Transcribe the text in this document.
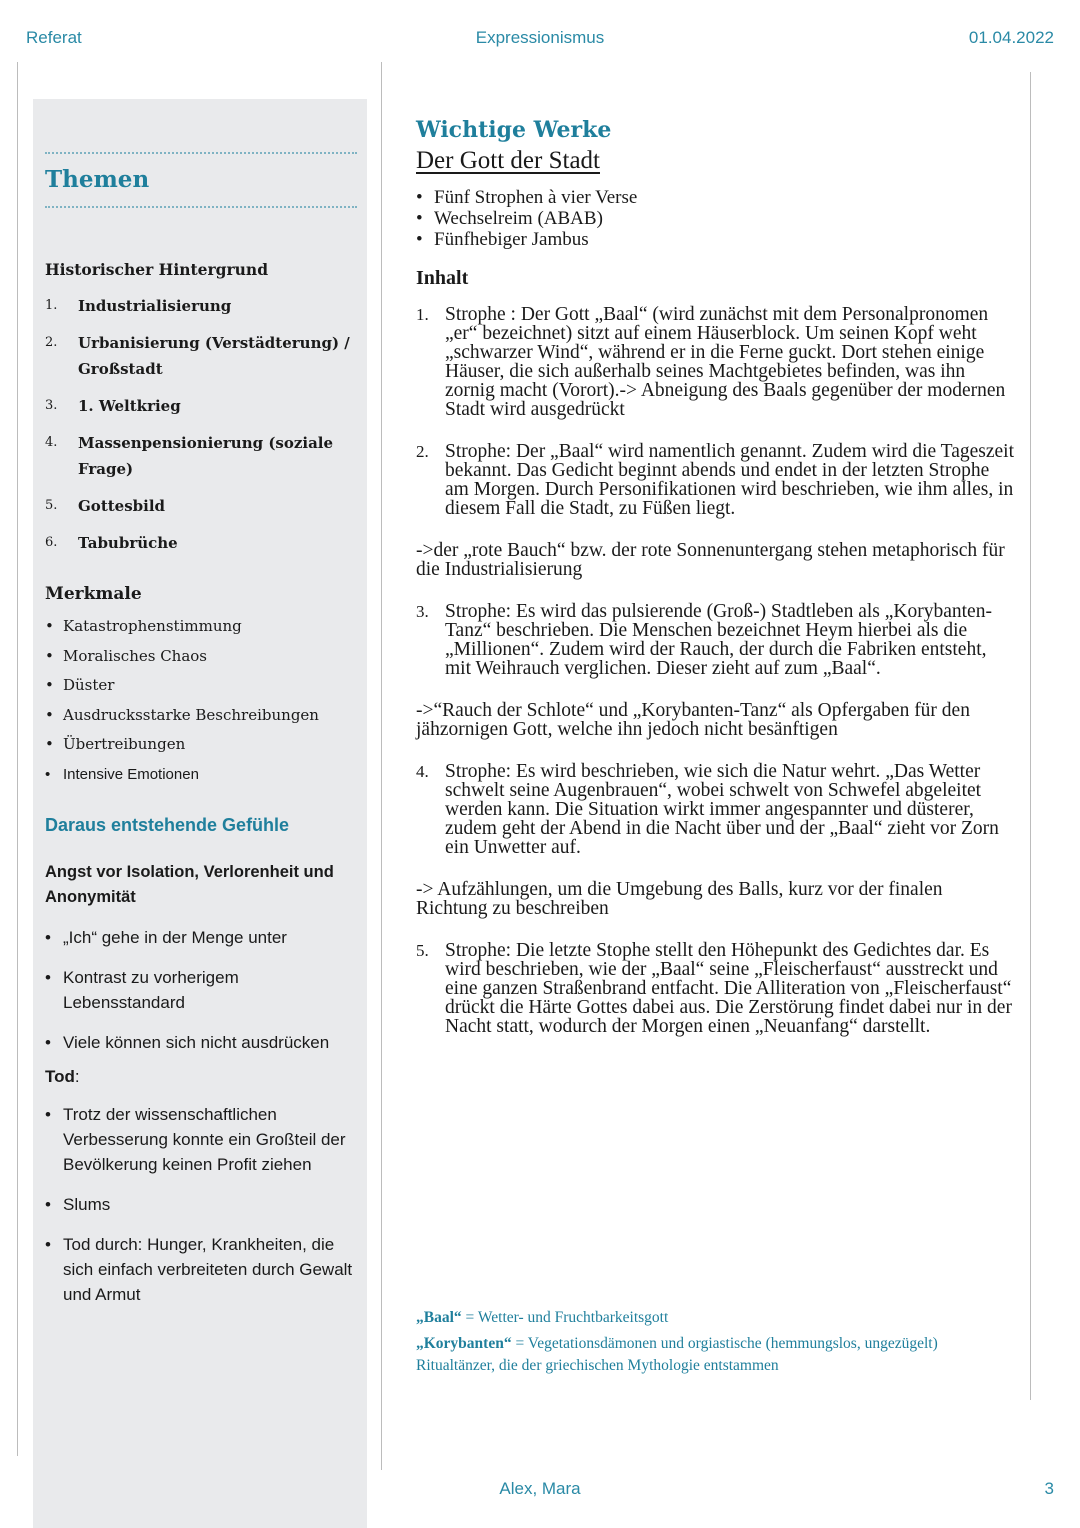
Referat	Expressionismus	01.04.2022
Themen
Historischer Hintergrund
1.	Industrialisierung
2.	Urbanisierung (Verstädterung) / Großstadt
3.	1. Weltkrieg
4.	Massenpensionierung (soziale Frage)
5.	Gottesbild
6.	Tabubrüche
Merkmale
• Katastrophenstimmung
• Moralisches Chaos
• Düster
• Ausdrucksstarke Beschreibungen
• Übertreibungen
• Intensive Emotionen
Daraus entstehende Gefühle
Angst vor Isolation, Verlorenheit und Anonymität
• „Ich“ gehe in der Menge unter
• Kontrast zu vorherigem Lebensstandard
• Viele können sich nicht ausdrücken
Tod:
• Trotz der wissenschaftlichen Verbesserung konnte ein Großteil der Bevölkerung keinen Profit ziehen
• Slums
• Tod durch: Hunger, Krankheiten, die sich einfach verbreiteten durch Gewalt und Armut
Wichtige Werke
Der Gott der Stadt
• Fünf Strophen à vier Verse
• Wechselreim (ABAB)
• Fünfhebiger Jambus
Inhalt
1. Strophe : Der Gott „Baal“ (wird zunächst mit dem Personalpronomen „er“ bezeichnet) sitzt auf einem Häuserblock. Um seinen Kopf weht „schwarzer Wind“, während er in die Ferne guckt. Dort stehen einige Häuser, die sich außerhalb seines Machtgebietes befinden, was ihn zornig macht (Vorort).-> Abneigung des Baals gegenüber der modernen Stadt wird ausgedrückt
2. Strophe: Der „Baal“ wird namentlich genannt. Zudem wird die Tageszeit bekannt. Das Gedicht beginnt abends und endet in der letzten Strophe am Morgen. Durch Personifikationen wird beschrieben, wie ihm alles, in diesem Fall die Stadt, zu Füßen liegt.
->der „rote Bauch“ bzw. der rote Sonnenuntergang stehen metaphorisch für die Industrialisierung
3. Strophe: Es wird das pulsierende (Groß-) Stadtleben als „Korybanten-Tanz“ beschrieben. Die Menschen bezeichnet Heym hierbei als die „Millionen“. Zudem wird der Rauch, der durch die Fabriken entsteht, mit Weihrauch verglichen. Dieser zieht auf zum „Baal“.
->“Rauch der Schlote“ und „Korybanten-Tanz“ als Opfergaben für den jähzornigen Gott, welche ihn jedoch nicht besänftigen
4. Strophe: Es wird beschrieben, wie sich die Natur wehrt. „Das Wetter schwelt seine Augenbrauen“, wobei schwelt von Schwefel abgeleitet werden kann. Die Situation wirkt immer angespannter und düsterer, zudem geht der Abend in die Nacht über und der „Baal“ zieht vor Zorn ein Unwetter auf.
-> Aufzählungen, um die Umgebung des Balls, kurz vor der finalen Richtung zu beschreiben
5. Strophe: Die letzte Stophe stellt den Höhepunkt des Gedichtes dar. Es wird beschrieben, wie der „Baal“ seine „Fleischerfaust“ ausstreckt und eine ganzen Straßenbrand entfacht. Die Alliteration von „Fleischerfaust“ drückt die Härte Gottes dabei aus. Die Zerstörung findet dabei nur in der Nacht statt, wodurch der Morgen einen „Neuanfang“ darstellt.
„Baal“ = Wetter- und Fruchtbarkeitsgott
„Korybanten“ = Vegetationsdämonen und orgiastische (hemmungslos, ungezügelt) Ritualtänzer, die der griechischen Mythologie entstammen
Alex, Mara	3
